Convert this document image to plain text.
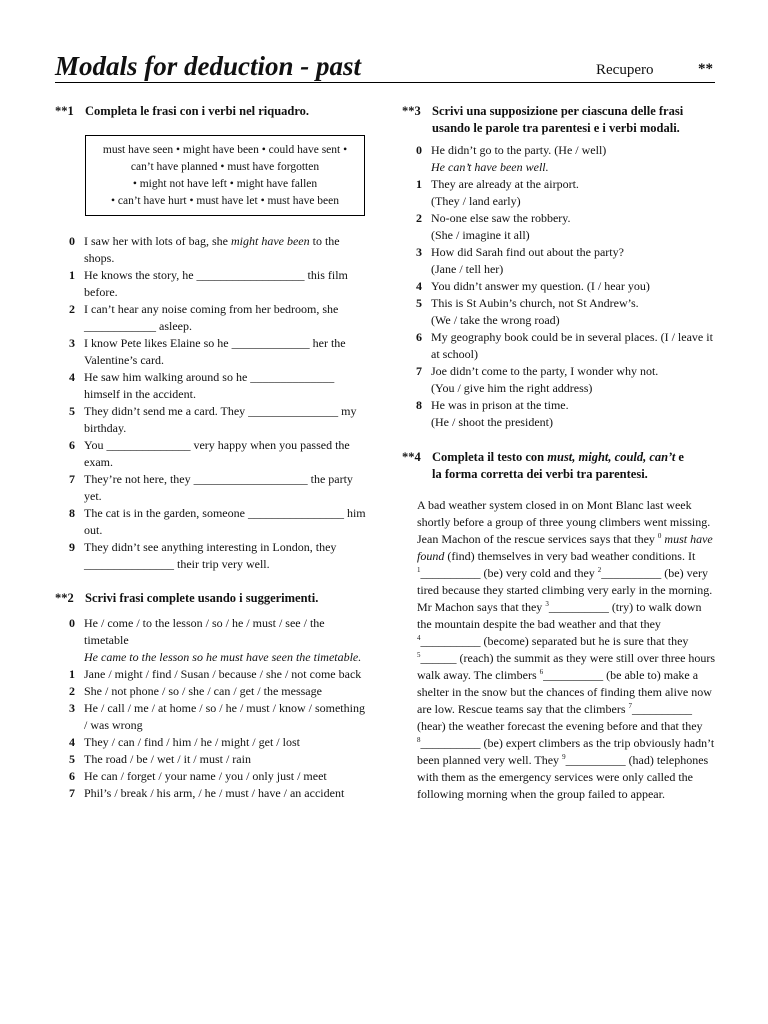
Modals for deduction - past	Recupero	**
**1 Completa le frasi con i verbi nel riquadro.
must have seen • might have been • could have sent •
can’t have planned • must have forgotten
• might not have left • might have fallen
• can’t have hurt • must have let • must have been
0 I saw her with lots of bag, she might have been to the shops.
1 He knows the story, he __________________ this film before.
2 I can’t hear any noise coming from her bedroom, she ____________ asleep.
3 I know Pete likes Elaine so he _____________ her the Valentine’s card.
4 He saw him walking around so he ______________ himself in the accident.
5 They didn’t send me a card. They _______________ my birthday.
6 You ______________ very happy when you passed the exam.
7 They’re not here, they ___________________ the party yet.
8 The cat is in the garden, someone ________________ him out.
9 They didn’t see anything interesting in London, they _______________ their trip very well.
**2 Scrivi frasi complete usando i suggerimenti.
0 He / come / to the lesson / so / he / must / see / the timetable
He came to the lesson so he must have seen the timetable.
1 Jane / might / find / Susan / because / she / not come back
2 She / not phone / so / she / can / get / the message
3 He / call / me / at home / so / he / must / know / something / was wrong
4 They / can / find / him / he / might / get / lost
5 The road / be / wet / it / must / rain
6 He can / forget / your name / you / only just / meet
7 Phil’s / break / his arm, / he / must / have / an accident
**3 Scrivi una supposizione per ciascuna delle frasi usando le parole tra parentesi e i verbi modali.
0 He didn’t go to the party. (He / well)
He can’t have been well.
1 They are already at the airport.
(They / land early)
2 No-one else saw the robbery.
(She / imagine it all)
3 How did Sarah find out about the party?
(Jane / tell her)
4 You didn’t answer my question. (I / hear you)
5 This is St Aubin’s church, not St Andrew’s.
(We / take the wrong road)
6 My geography book could be in several places. (I / leave it at school)
7 Joe didn’t come to the party, I wonder why not.
(You / give him the right address)
8 He was in prison at the time.
(He / shoot the president)
**4 Completa il testo con must, might, could, can’t e
la forma corretta dei verbi tra parentesi.
A bad weather system closed in on Mont Blanc last week shortly before a group of three young climbers went missing. Jean Machon of the rescue services says that they $^0$ must have found (find) themselves in very bad weather conditions. It $^1$__________ (be) very cold and they $^2$__________ (be) very tired because they started climbing very early in the morning.
Mr Machon says that they $^3$__________ (try) to walk down the mountain despite the bad weather and that they $^4$__________ (become) separated but he is sure that they $^5$______ (reach) the summit as they were still over three hours walk away. The climbers $^6$__________ (be able to) make a shelter in the snow but the chances of finding them alive now are low. Rescue teams say that the climbers $^7$__________ (hear) the weather forecast the evening before and that they $^8$__________ (be) expert climbers as the trip obviously hadn’t been planned very well. They $^9$__________ (had) telephones with them as the emergency services were only called the following morning when the group failed to appear.
